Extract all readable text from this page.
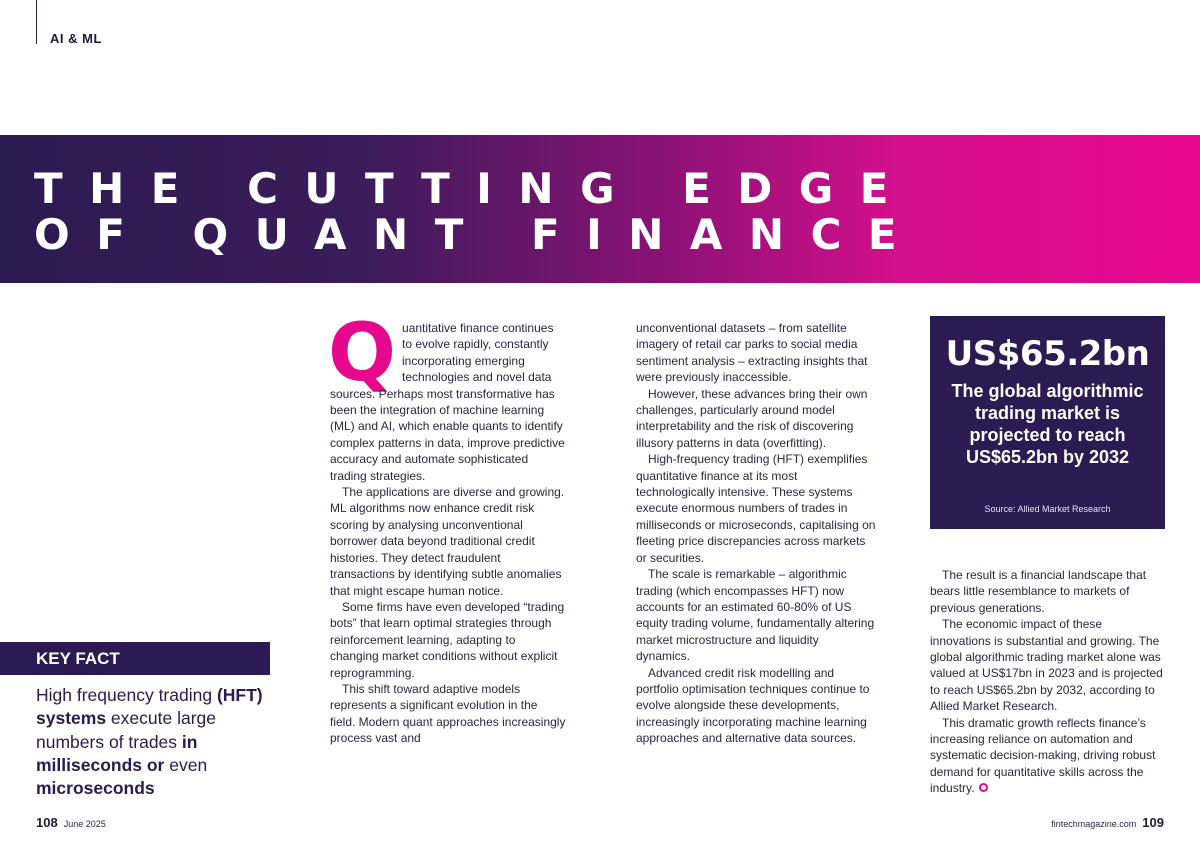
AI & ML
THE CUTTING EDGE
OF QUANT FINANCE
Q uantitative finance continues to evolve rapidly, constantly incorporating emerging technologies and novel data sources. Perhaps most transformative has been the integration of machine learning (ML) and AI, which enable quants to identify complex patterns in data, improve predictive accuracy and automate sophisticated trading strategies.

The applications are diverse and growing. ML algorithms now enhance credit risk scoring by analysing unconventional borrower data beyond traditional credit histories. They detect fraudulent transactions by identifying subtle anomalies that might escape human notice.

Some firms have even developed “trading bots” that learn optimal strategies through reinforcement learning, adapting to changing market conditions without explicit reprogramming.

This shift toward adaptive models represents a significant evolution in the field. Modern quant approaches increasingly process vast and

unconventional datasets – from satellite imagery of retail car parks to social media sentiment analysis – extracting insights that were previously inaccessible.

However, these advances bring their own challenges, particularly around model interpretability and the risk of discovering illusory patterns in data (overfitting).

High-frequency trading (HFT) exemplifies quantitative finance at its most technologically intensive. These systems execute enormous numbers of trades in milliseconds or microseconds, capitalising on fleeting price discrepancies across markets or securities.

The scale is remarkable – algorithmic trading (which encompasses HFT) now accounts for an estimated 60-80% of US equity trading volume, fundamentally altering market microstructure and liquidity dynamics.

Advanced credit risk modelling and portfolio optimisation techniques continue to evolve alongside these developments, increasingly incorporating machine learning approaches and alternative data sources.

US$65.2bn
The global algorithmic trading market is projected to reach US$65.2bn by 2032
Source: Allied Market Research

The result is a financial landscape that bears little resemblance to markets of previous generations.

The economic impact of these innovations is substantial and growing. The global algorithmic trading market alone was valued at US$17bn in 2023 and is projected to reach US$65.2bn by 2032, according to Allied Market Research.

This dramatic growth reflects finance’s increasing reliance on automation and systematic decision-making, driving robust demand for quantitative skills across the industry.

KEY FACT
High frequency trading (HFT) systems execute large numbers of trades in milliseconds or even microseconds
108 June 2025	fintechmagazine.com 109
